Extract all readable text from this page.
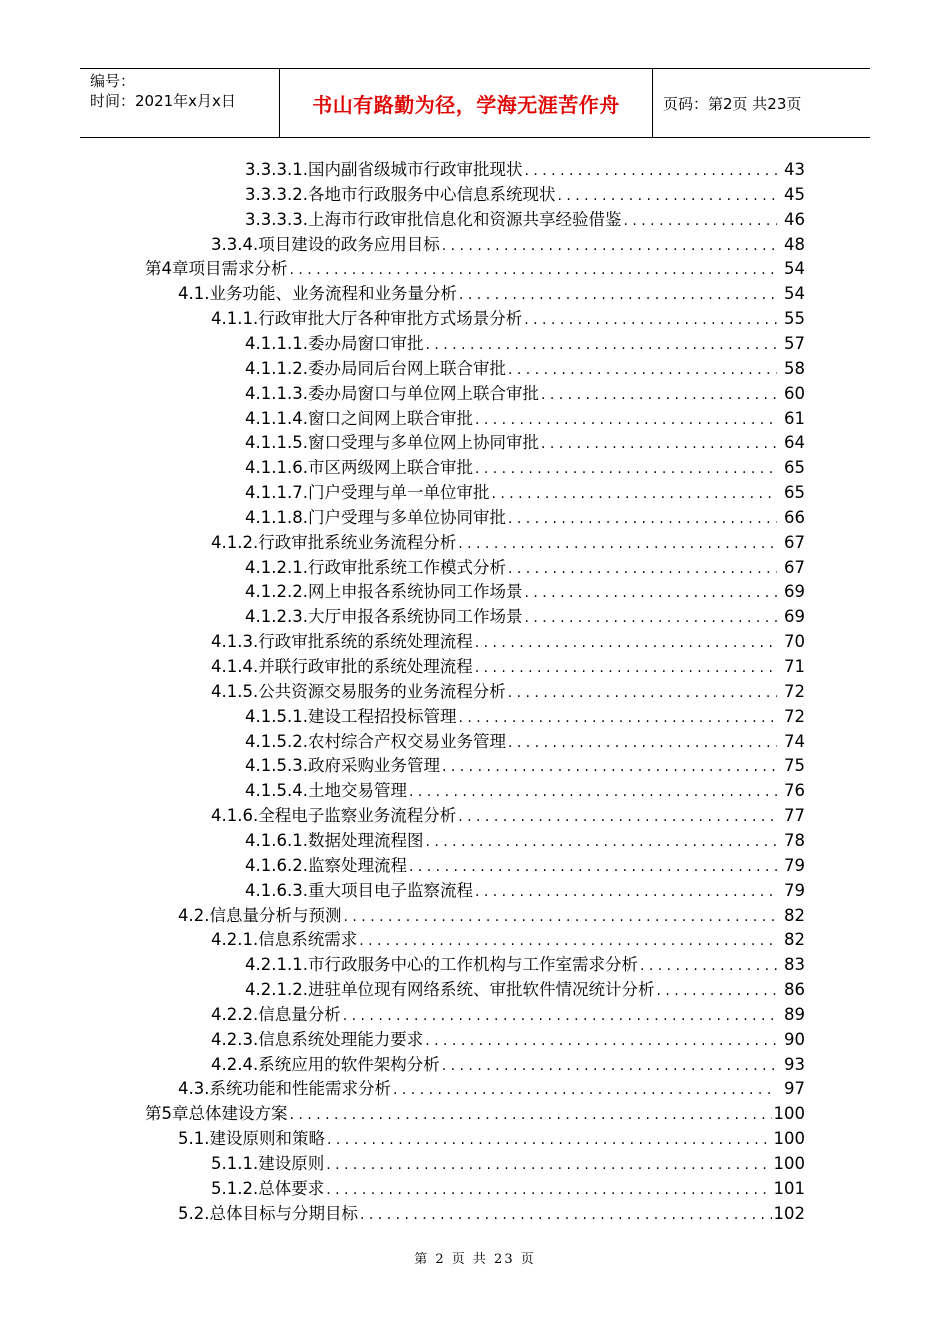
编号：
时间：2021年x月x日	书山有路勤为径，学海无涯苦作舟	页码：第2页 共23页
3.3.3.1. 国内副省级城市行政审批现状 . . .	43
3.3.3.2. 各地市行政服务中心信息系统现状 . . .	45
3.3.3.3. 上海市行政审批信息化和资源共享经验借鉴 . . .	46
3.3.4. 项目建设的政务应用目标 . . .	48
第4章 项目需求分析 . . .	54
4.1. 业务功能、业务流程和业务量分析 . . .	54
4.1.1. 行政审批大厅各种审批方式场景分析 . . .	55
4.1.1.1. 委办局窗口审批 . . .	57
4.1.1.2. 委办局同后台网上联合审批 . . .	58
4.1.1.3. 委办局窗口与单位网上联合审批 . . .	60
4.1.1.4. 窗口之间网上联合审批 . . .	61
4.1.1.5. 窗口受理与多单位网上协同审批 . . .	64
4.1.1.6. 市区两级网上联合审批 . . .	65
4.1.1.7. 门户受理与单一单位审批 . . .	65
4.1.1.8. 门户受理与多单位协同审批 . . .	66
4.1.2. 行政审批系统业务流程分析 . . .	67
4.1.2.1. 行政审批系统工作模式分析 . . .	67
4.1.2.2. 网上申报各系统协同工作场景 . . .	69
4.1.2.3. 大厅申报各系统协同工作场景 . . .	69
4.1.3. 行政审批系统的系统处理流程 . . .	70
4.1.4. 并联行政审批的系统处理流程 . . .	71
4.1.5. 公共资源交易服务的业务流程分析 . . .	72
4.1.5.1. 建设工程招投标管理 . . .	72
4.1.5.2. 农村综合产权交易业务管理 . . .	74
4.1.5.3. 政府采购业务管理 . . .	75
4.1.5.4. 土地交易管理 . . .	76
4.1.6. 全程电子监察业务流程分析 . . .	77
4.1.6.1. 数据处理流程图 . . .	78
4.1.6.2. 监察处理流程 . . .	79
4.1.6.3. 重大项目电子监察流程 . . .	79
4.2. 信息量分析与预测 . . .	82
4.2.1. 信息系统需求 . . .	82
4.2.1.1. 市行政服务中心的工作机构与工作室需求分析 . . .	83
4.2.1.2. 进驻单位现有网络系统、审批软件情况统计分析 . . .	86
4.2.2. 信息量分析 . . .	89
4.2.3. 信息系统处理能力要求 . . .	90
4.2.4. 系统应用的软件架构分析 . . .	93
4.3. 系统功能和性能需求分析 . . .	97
第5章 总体建设方案 . . .	100
5.1. 建设原则和策略 . . .	100
5.1.1. 建设原则 . . .	100
5.1.2. 总体要求 . . .	101
5.2. 总体目标与分期目标 . . .	102
第 2 页 共 23 页
